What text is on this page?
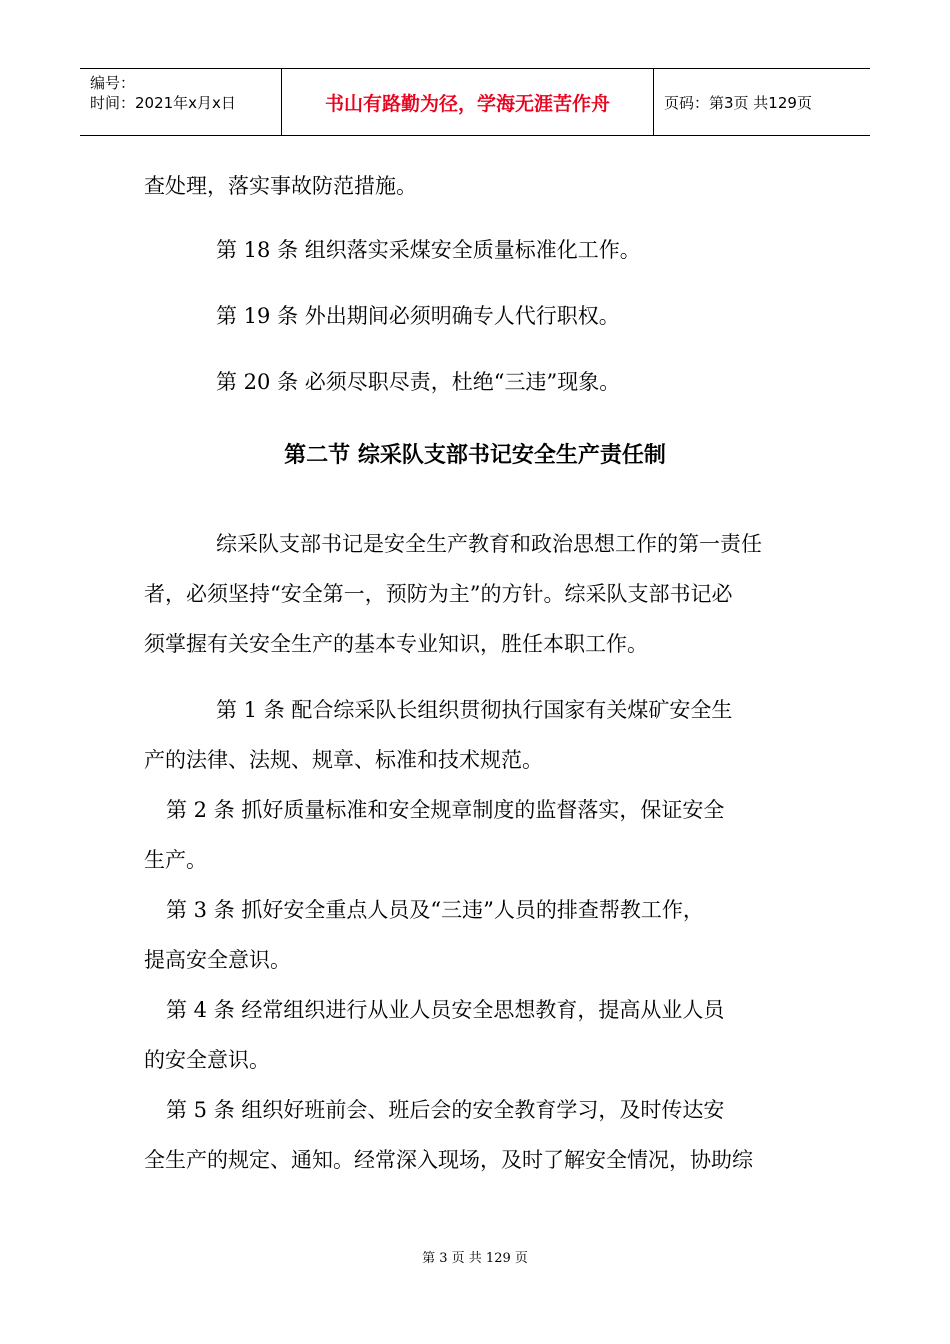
编号：
时间：2021年x月x日	书山有路勤为径，学海无涯苦作舟	页码：第3页 共129页
查处理，落实事故防范措施。
第 18 条 组织落实采煤安全质量标准化工作。
第 19 条 外出期间必须明确专人代行职权。
第 20 条 必须尽职尽责，杜绝“三违”现象。
第二节 综采队支部书记安全生产责任制
综采队支部书记是安全生产教育和政治思想工作的第一责任
者，必须坚持“安全第一，预防为主”的方针。综采队支部书记必
须掌握有关安全生产的基本专业知识，胜任本职工作。
第 1 条 配合综采队长组织贯彻执行国家有关煤矿安全生
产的法律、法规、规章、标准和技术规范。
第 2 条 抓好质量标准和安全规章制度的监督落实，保证安全
生产。
第 3 条 抓好安全重点人员及“三违”人员的排查帮教工作，
提高安全意识。
第 4 条 经常组织进行从业人员安全思想教育，提高从业人员
的安全意识。
第 5 条 组织好班前会、班后会的安全教育学习，及时传达安
全生产的规定、通知。经常深入现场，及时了解安全情况，协助综
第 3 页 共 129 页
